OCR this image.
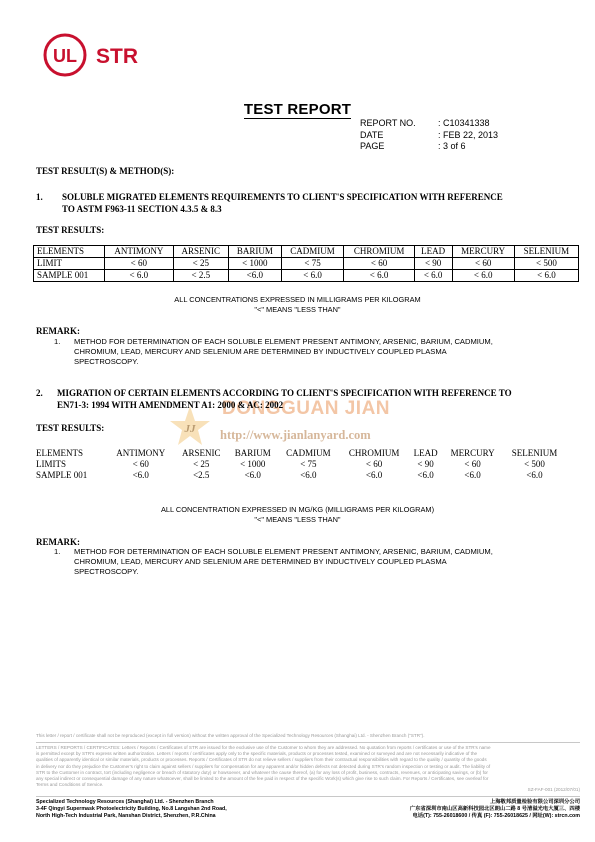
UL STR
TEST REPORT
REPORT NO.	: C10341338
DATE	: FEB 22, 2013
PAGE	: 3 of 6
TEST RESULT(S) & METHOD(S):
1. SOLUBLE MIGRATED ELEMENTS REQUIREMENTS TO CLIENT'S SPECIFICATION WITH REFERENCE
TO ASTM F963-11 SECTION 4.3.5 & 8.3
TEST RESULTS:
ELEMENTS	ANTIMONY	ARSENIC	BARIUM	CADMIUM	CHROMIUM	LEAD	MERCURY	SELENIUM
LIMIT	< 60	< 25	< 1000	< 75	< 60	< 90	< 60	< 500
SAMPLE 001	< 6.0	< 2.5	<6.0	< 6.0	< 6.0	< 6.0	< 6.0	< 6.0
ALL CONCENTRATIONS EXPRESSED IN MILLIGRAMS PER KILOGRAM
"<" MEANS "LESS THAN"
REMARK:
1. METHOD FOR DETERMINATION OF EACH SOLUBLE ELEMENT PRESENT ANTIMONY, ARSENIC, BARIUM, CADMIUM,
CHROMIUM, LEAD, MERCURY AND SELENIUM ARE DETERMINED BY INDUCTIVELY COUPLED PLASMA
SPECTROSCOPY.
JJ
DONGGUAN JIAN
http://www.jianlanyard.com
2. MIGRATION OF CERTAIN ELEMENTS ACCORDING TO CLIENT'S SPECIFICATION WITH REFERENCE TO
EN71-3: 1994 WITH AMENDMENT A1: 2000 & AC: 2002
TEST RESULTS:
ELEMENTS	ANTIMONY	ARSENIC	BARIUM	CADMIUM	CHROMIUM	LEAD	MERCURY	SELENIUM
LIMITS	< 60	< 25	< 1000	< 75	< 60	< 90	< 60	< 500
SAMPLE 001	<6.0	<2.5	<6.0	<6.0	<6.0	<6.0	<6.0	<6.0
ALL CONCENTRATION EXPRESSED IN MG/KG (MILLIGRAMS PER KILOGRAM)
"<" MEANS "LESS THAN"
REMARK:
1. METHOD FOR DETERMINATION OF EACH SOLUBLE ELEMENT PRESENT ANTIMONY, ARSENIC, BARIUM, CADMIUM,
CHROMIUM, LEAD, MERCURY AND SELENIUM ARE DETERMINED BY INDUCTIVELY COUPLED PLASMA
SPECTROSCOPY.
This letter / report / certificate shall not be reproduced (except in full version) without the written approval of the Specialized Technology Resources (Shanghai) Ltd. - Shenzhen Branch ("STR").
LETTERS / REPORTS / CERTIFICATES: Letters / Reports / Certificates of STR are issued for the exclusive use of the Customer to whom they are addressed. No quotation from reports / certificates or use of the STR's name
is permitted except by STR's express written authorization. Letters / reports / certificates apply only to the specific materials, products or processes tested, examined or surveyed and are not necessarily indicative of the
qualities of apparently identical or similar materials, products or processes. Reports / Certificates of STR do not relieve sellers / suppliers from their contractual responsibilities with regard to the quality / quantity of the goods
in delivery nor do they prejudice the Customer's right to claim against sellers / suppliers for compensation for any apparent and/or hidden defects not detected during STR's random inspection or testing or audit. The liability of
STR to the Customer in contract, tort (including negligence or breach of statutory duty) or howsoever, and whatever the cause thereof, (a) for any loss of profit, business, contracts, revenues, or anticipating savings, or (b) for
any special indirect or consequential damage of any nature whatsoever, shall be limited to the amount of the fee paid in respect of the specific Work(s) which give rise to such claim. For Reports / Certificates, see overleaf for
Terms and Conditions of Service.
SZ-FAF-001 (2012/07/01)
Specialized Technology Resources (Shanghai) Ltd. - Shenzhen Branch
3-4F Qingyi Supermask Photoelectricity Building, No.8 Langshan 2nd Road,
North High-Tech Industrial Park, Nanshan District, Shenzhen, P.R.China
上海敬邦质量检验有限公司深圳分公司
广东省深圳市南山区高新科技园北区朗山二路 8 号清溢光电大厦三、四楼
电话(T): 755-26018600 / 传真 (F): 755-26018625 / 网址(W): strcn.com
